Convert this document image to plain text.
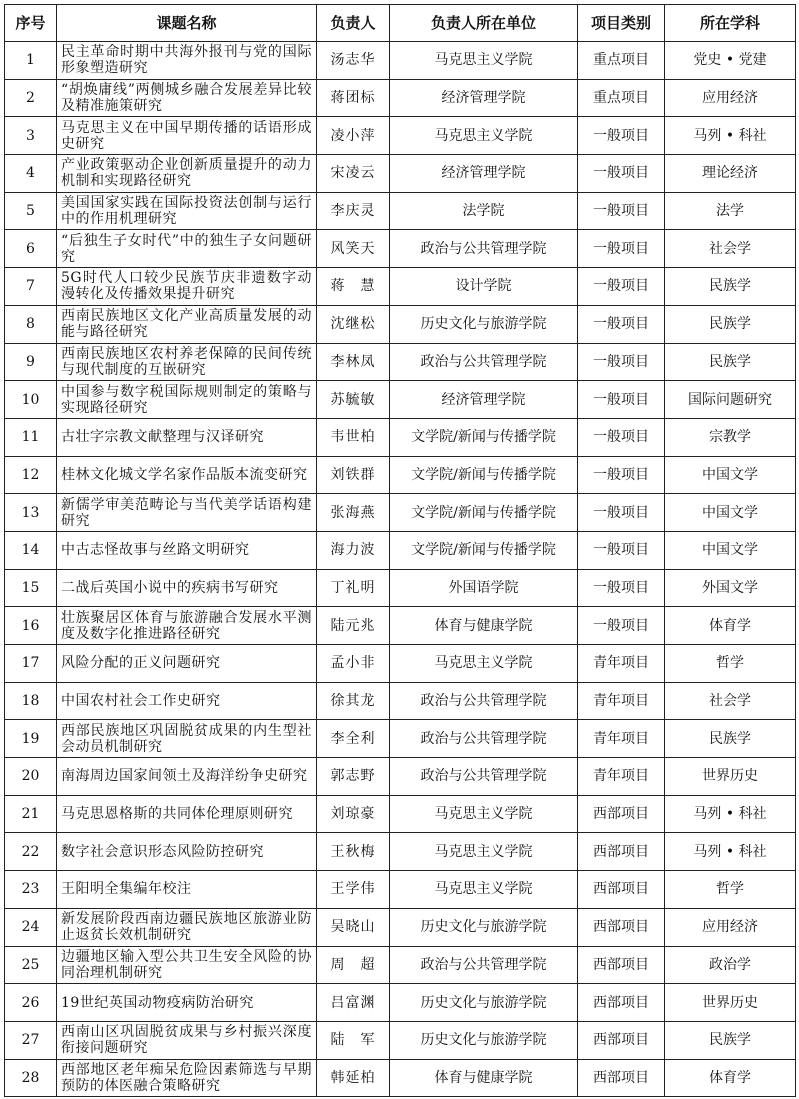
序号	课题名称	负责人	负责人所在单位	项目类别	所在学科
1	民主革命时期中共海外报刊与党的国际形象塑造研究	汤志华	马克思主义学院	重点项目	党史 • 党建
2	“胡焕庸线”两侧城乡融合发展差异比较及精准施策研究	蒋团标	经济管理学院	重点项目	应用经济
3	马克思主义在中国早期传播的话语形成史研究	凌小萍	马克思主义学院	一般项目	马列 • 科社
4	产业政策驱动企业创新质量提升的动力机制和实现路径研究	宋凌云	经济管理学院	一般项目	理论经济
5	美国国家实践在国际投资法创制与运行中的作用机理研究	李庆灵	法学院	一般项目	法学
6	“后独生子女时代”中的独生子女问题研究	风笑天	政治与公共管理学院	一般项目	社会学
7	5G时代人口较少民族节庆非遗数字动漫转化及传播效果提升研究	蒋　慧	设计学院	一般项目	民族学
8	西南民族地区文化产业高质量发展的动能与路径研究	沈继松	历史文化与旅游学院	一般项目	民族学
9	西南民族地区农村养老保障的民间传统与现代制度的互嵌研究	李林凤	政治与公共管理学院	一般项目	民族学
10	中国参与数字税国际规则制定的策略与实现路径研究	苏毓敏	经济管理学院	一般项目	国际问题研究
11	古壮字宗教文献整理与汉译研究	韦世柏	文学院/新闻与传播学院	一般项目	宗教学
12	桂林文化城文学名家作品版本流变研究	刘铁群	文学院/新闻与传播学院	一般项目	中国文学
13	新儒学审美范畴论与当代美学话语构建研究	张海燕	文学院/新闻与传播学院	一般项目	中国文学
14	中古志怪故事与丝路文明研究	海力波	文学院/新闻与传播学院	一般项目	中国文学
15	二战后英国小说中的疾病书写研究	丁礼明	外国语学院	一般项目	外国文学
16	壮族聚居区体育与旅游融合发展水平测度及数字化推进路径研究	陆元兆	体育与健康学院	一般项目	体育学
17	风险分配的正义问题研究	孟小非	马克思主义学院	青年项目	哲学
18	中国农村社会工作史研究	徐其龙	政治与公共管理学院	青年项目	社会学
19	西部民族地区巩固脱贫成果的内生型社会动员机制研究	李全利	政治与公共管理学院	青年项目	民族学
20	南海周边国家间领土及海洋纷争史研究	郭志野	政治与公共管理学院	青年项目	世界历史
21	马克思恩格斯的共同体伦理原则研究	刘琼豪	马克思主义学院	西部项目	马列 • 科社
22	数字社会意识形态风险防控研究	王秋梅	马克思主义学院	西部项目	马列 • 科社
23	王阳明全集编年校注	王学伟	马克思主义学院	西部项目	哲学
24	新发展阶段西南边疆民族地区旅游业防止返贫长效机制研究	吴晓山	历史文化与旅游学院	西部项目	应用经济
25	边疆地区输入型公共卫生安全风险的协同治理机制研究	周　超	政治与公共管理学院	西部项目	政治学
26	19世纪英国动物疫病防治研究	吕富渊	历史文化与旅游学院	西部项目	世界历史
27	西南山区巩固脱贫成果与乡村振兴深度衔接问题研究	陆　军	历史文化与旅游学院	西部项目	民族学
28	西部地区老年痴呆危险因素筛选与早期预防的体医融合策略研究	韩延柏	体育与健康学院	西部项目	体育学
